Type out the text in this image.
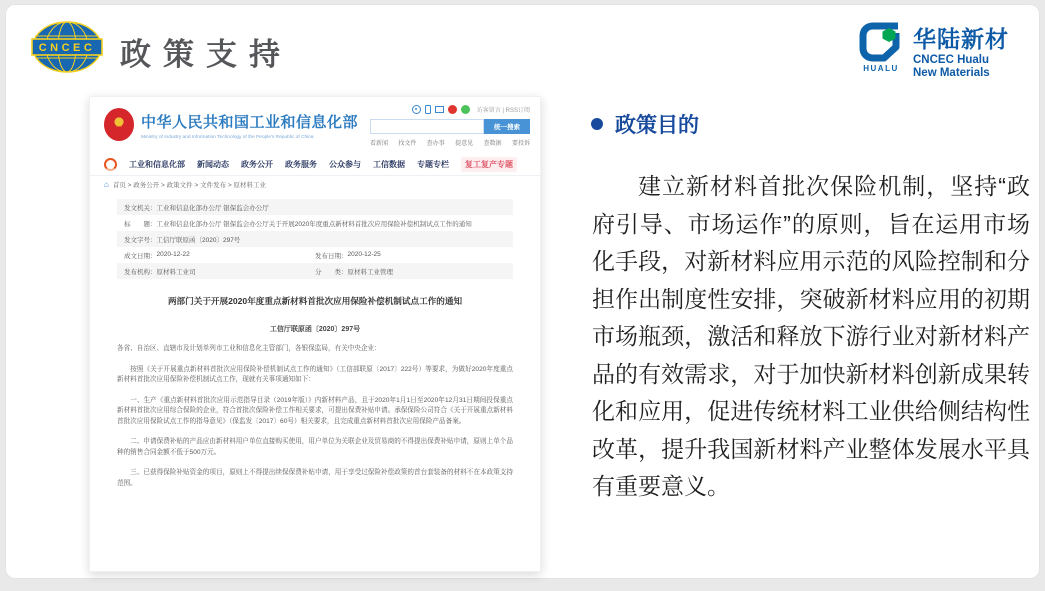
CNCEC 政策支持	HUALU
华陆新材
CNCEC Hualu
New Materials
★
中华人民共和国工业和信息化部
Ministry of Industry and Information Technology of the People's Republic of China
访客留言 | RSS订阅
统一搜索
看新闻 找文件 查办事 提意见 查数据 要投诉
工业和信息化部 新闻动态 政务公开 政务服务 公众参与 工信数据 专题专栏	复工复产专题
⌂
首页 > 政务公开 > 政策文件 > 文件发布 > 原材料工业
发文机关： 工业和信息化部办公厅 银保监会办公厅
标　　题： 工业和信息化部办公厅 银保监会办公厅关于开展2020年度重点新材料首批次应用保险补偿机制试点工作的通知
发文字号： 工信厅联原函〔2020〕297号
成文日期： 2020-12-22	发布日期： 2020-12-25
发布机构： 原材料工业司	分　　类： 原材料工业管理
两部门关于开展2020年度重点新材料首批次应用保险补偿机制试点工作的通知
工信厅联原函〔2020〕297号
各省、自治区、直辖市及计划单列市工业和信息化主管部门，各银保监局，有关中央企业：
按照《关于开展重点新材料首批次应用保险补偿机制试点工作的通知》（工信部联原〔2017〕222号）等要求，为做好2020年度重点新材料首批次应用保险补偿机制试点工作，现就有关事项通知如下：
一、生产《重点新材料首批次应用示范指导目录（2019年版）》内新材料产品，且于2020年1月1日至2020年12月31日期间投保重点新材料首批次应用综合保险的企业，符合首批次保险补偿工作相关要求，可提出保费补贴申请。承保保险公司符合《关于开展重点新材料首批次应用保险试点工作的指导意见》（保监发〔2017〕60号）相关要求，且完成重点新材料首批次应用保险产品备案。
二、申请保费补贴的产品应由新材料用户单位直接购买使用，用户单位为关联企业及贸易商的不得提出保费补贴申请，原则上单个品种的销售合同金额不低于500万元。
三、已获得保险补贴资金的项目，原则上不得提出续保保费补贴申请，用于享受过保险补偿政策的首台套装备的材料不在本政策支持范围。
政策目的
建立新材料首批次保险机制，坚持“政府引导、市场运作”的原则，旨在运用市场化手段，对新材料应用示范的风险控制和分担作出制度性安排，突破新材料应用的初期市场瓶颈，激活和释放下游行业对新材料产品的有效需求，对于加快新材料创新成果转化和应用，促进传统材料工业供给侧结构性改革，提升我国新材料产业整体发展水平具有重要意义。
